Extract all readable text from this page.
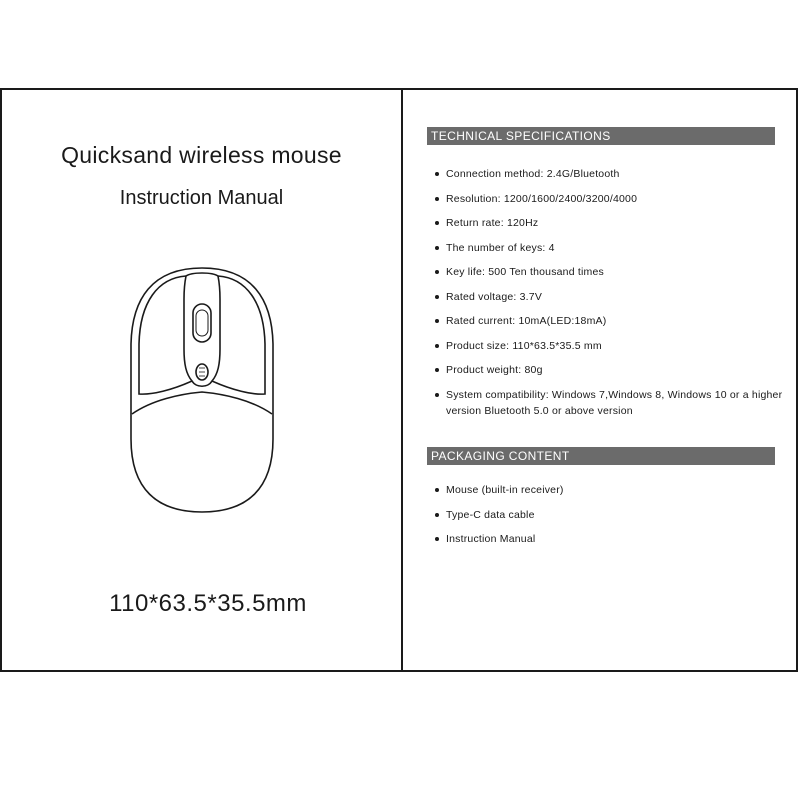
Quicksand wireless mouse
Instruction Manual
110*63.5*35.5mm
TECHNICAL SPECIFICATIONS
Connection method: 2.4G/Bluetooth
Resolution: 1200/1600/2400/3200/4000
Return rate: 120Hz
The number of keys: 4
Key life: 500 Ten thousand times
Rated voltage: 3.7V
Rated current: 10mA(LED:18mA)
Product size: 110*63.5*35.5 mm
Product weight: 80g
System compatibility: Windows 7,Windows 8, Windows 10 or a higher version Bluetooth 5.0 or above version
PACKAGING CONTENT
Mouse (built-in receiver)
Type-C data cable
Instruction Manual
